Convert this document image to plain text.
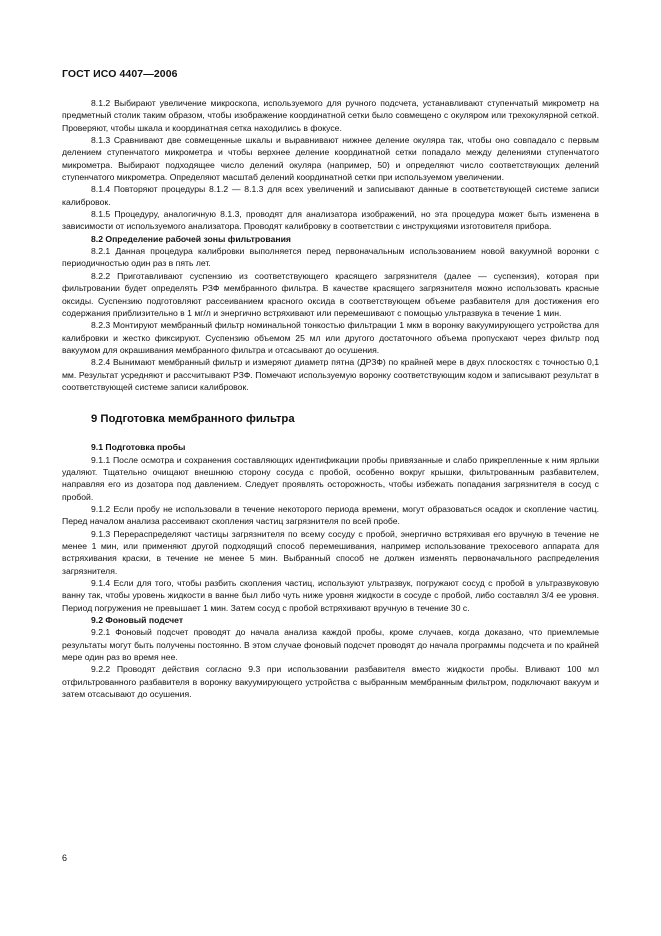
ГОСТ ИСО 4407—2006

8.1.2 Выбирают увеличение микроскопа, используемого для ручного подсчета, устанавливают ступенчатый микрометр на предметный столик таким образом, чтобы изображение координатной сетки было совмещено с окуляром или трехокулярной сеткой. Проверяют, чтобы шкала и координатная сетка находились в фокусе.

8.1.3 Сравнивают две совмещенные шкалы и выравнивают нижнее деление окуляра так, чтобы оно совпадало с первым делением ступенчатого микрометра и чтобы верхнее деление координатной сетки попадало между делениями ступенчатого микрометра. Выбирают подходящее число делений окуляра (например, 50) и определяют число соответствующих делений ступенчатого микрометра. Определяют масштаб делений координатной сетки при используемом увеличении.

8.1.4 Повторяют процедуры 8.1.2 — 8.1.3 для всех увеличений и записывают данные в соответствующей системе записи калибровок.

8.1.5 Процедуру, аналогичную 8.1.3, проводят для анализатора изображений, но эта процедура может быть изменена в зависимости от используемого анализатора. Проводят калибровку в соответствии с инструкциями изготовителя прибора.

8.2 Определение рабочей зоны фильтрования

8.2.1 Данная процедура калибровки выполняется перед первоначальным использованием новой вакуумной воронки с периодичностью один раз в пять лет.

8.2.2 Приготавливают суспензию из соответствующего красящего загрязнителя (далее — суспензия), которая при фильтровании будет определять РЗФ мембранного фильтра. В качестве красящего загрязнителя можно использовать красные оксиды. Суспензию подготовляют рассеиванием красного оксида в соответствующем объеме разбавителя для достижения его содержания приблизительно в 1 мг/л и энергично встряхивают или перемешивают с помощью ультразвука в течение 1 мин.

8.2.3 Монтируют мембранный фильтр номинальной тонкостью фильтрации 1 мкм в воронку вакуумирующего устройства для калибровки и жестко фиксируют. Суспензию объемом 25 мл или другого достаточного объема пропускают через фильтр под вакуумом для окрашивания мембранного фильтра и отсасывают до осушения.

8.2.4 Вынимают мембранный фильтр и измеряют диаметр пятна (ДРЗФ) по крайней мере в двух плоскостях с точностью 0,1 мм. Результат усредняют и рассчитывают РЗФ. Помечают используемую воронку соответствующим кодом и записывают результат в соответствующей системе записи калибровок.

9 Подготовка мембранного фильтра

9.1 Подготовка пробы

9.1.1 После осмотра и сохранения составляющих идентификации пробы привязанные и слабо прикрепленные к ним ярлыки удаляют. Тщательно очищают внешнюю сторону сосуда с пробой, особенно вокруг крышки, фильтрованным разбавителем, направляя его из дозатора под давлением. Следует проявлять осторожность, чтобы избежать попадания загрязнителя в сосуд с пробой.

9.1.2 Если пробу не использовали в течение некоторого периода времени, могут образоваться осадок и скопление частиц. Перед началом анализа рассеивают скопления частиц загрязнителя по всей пробе.

9.1.3 Перераспределяют частицы загрязнителя по всему сосуду с пробой, энергично встряхивая его вручную в течение не менее 1 мин, или применяют другой подходящий способ перемешивания, например использование трехосевого аппарата для встряхивания краски, в течение не менее 5 мин. Выбранный способ не должен изменять первоначального распределения загрязнителя.

9.1.4 Если для того, чтобы разбить скопления частиц, используют ультразвук, погружают сосуд с пробой в ультразвуковую ванну так, чтобы уровень жидкости в ванне был либо чуть ниже уровня жидкости в сосуде с пробой, либо составлял 3/4 ее уровня. Период погружения не превышает 1 мин. Затем сосуд с пробой встряхивают вручную в течение 30 с.

9.2 Фоновый подсчет

9.2.1 Фоновый подсчет проводят до начала анализа каждой пробы, кроме случаев, когда доказано, что приемлемые результаты могут быть получены постоянно. В этом случае фоновый подсчет проводят до начала программы подсчета и по крайней мере один раз во время нее.

9.2.2 Проводят действия согласно 9.3 при использовании разбавителя вместо жидкости пробы. Вливают 100 мл отфильтрованного разбавителя в воронку вакуумирующего устройства с выбранным мембранным фильтром, подключают вакуум и затем отсасывают до осушения.

6
